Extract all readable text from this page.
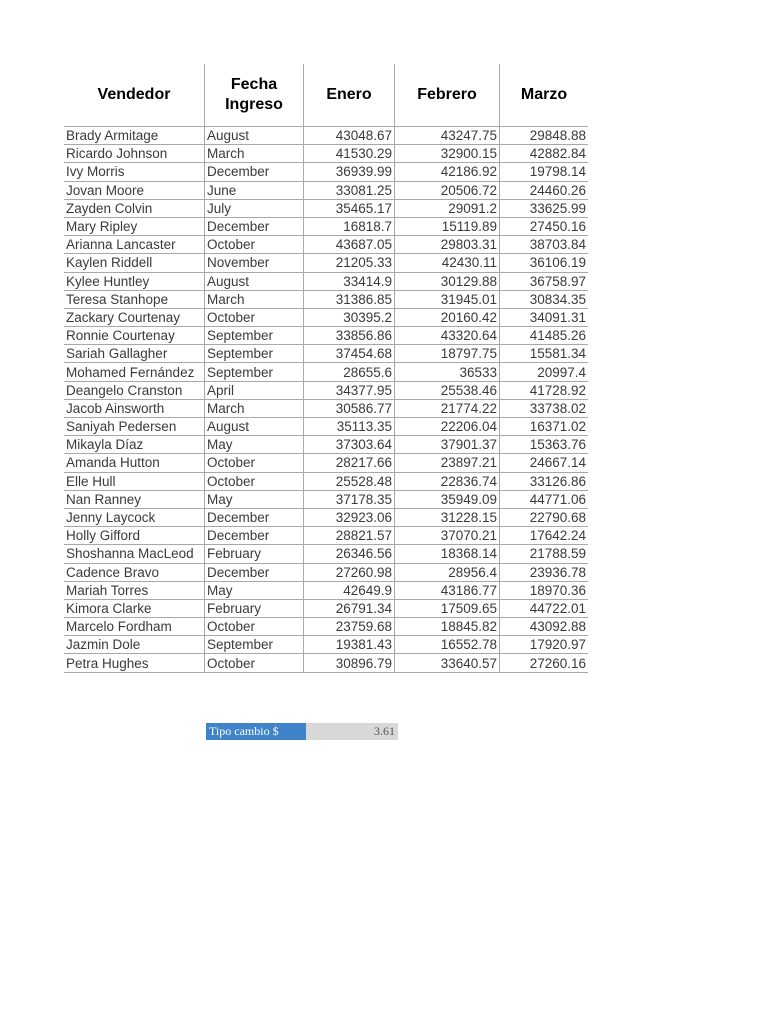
Vendedor	Fecha Ingreso	Enero	Febrero	Marzo
Brady Armitage	August	43048.67	43247.75	29848.88
Ricardo Johnson	March	41530.29	32900.15	42882.84
Ivy Morris	December	36939.99	42186.92	19798.14
Jovan Moore	June	33081.25	20506.72	24460.26
Zayden Colvin	July	35465.17	29091.2	33625.99
Mary Ripley	December	16818.7	15119.89	27450.16
Arianna Lancaster	October	43687.05	29803.31	38703.84
Kaylen Riddell	November	21205.33	42430.11	36106.19
Kylee Huntley	August	33414.9	30129.88	36758.97
Teresa Stanhope	March	31386.85	31945.01	30834.35
Zackary Courtenay	October	30395.2	20160.42	34091.31
Ronnie Courtenay	September	33856.86	43320.64	41485.26
Sariah Gallagher	September	37454.68	18797.75	15581.34
Mohamed Fernández	September	28655.6	36533	20997.4
Deangelo Cranston	April	34377.95	25538.46	41728.92
Jacob Ainsworth	March	30586.77	21774.22	33738.02
Saniyah Pedersen	August	35113.35	22206.04	16371.02
Mikayla Díaz	May	37303.64	37901.37	15363.76
Amanda Hutton	October	28217.66	23897.21	24667.14
Elle Hull	October	25528.48	22836.74	33126.86
Nan Ranney	May	37178.35	35949.09	44771.06
Jenny Laycock	December	32923.06	31228.15	22790.68
Holly Gifford	December	28821.57	37070.21	17642.24
Shoshanna MacLeod	February	26346.56	18368.14	21788.59
Cadence Bravo	December	27260.98	28956.4	23936.78
Mariah Torres	May	42649.9	43186.77	18970.36
Kimora Clarke	February	26791.34	17509.65	44722.01
Marcelo Fordham	October	23759.68	18845.82	43092.88
Jazmin Dole	September	19381.43	16552.78	17920.97
Petra Hughes	October	30896.79	33640.57	27260.16
Tipo cambio $	3.61
